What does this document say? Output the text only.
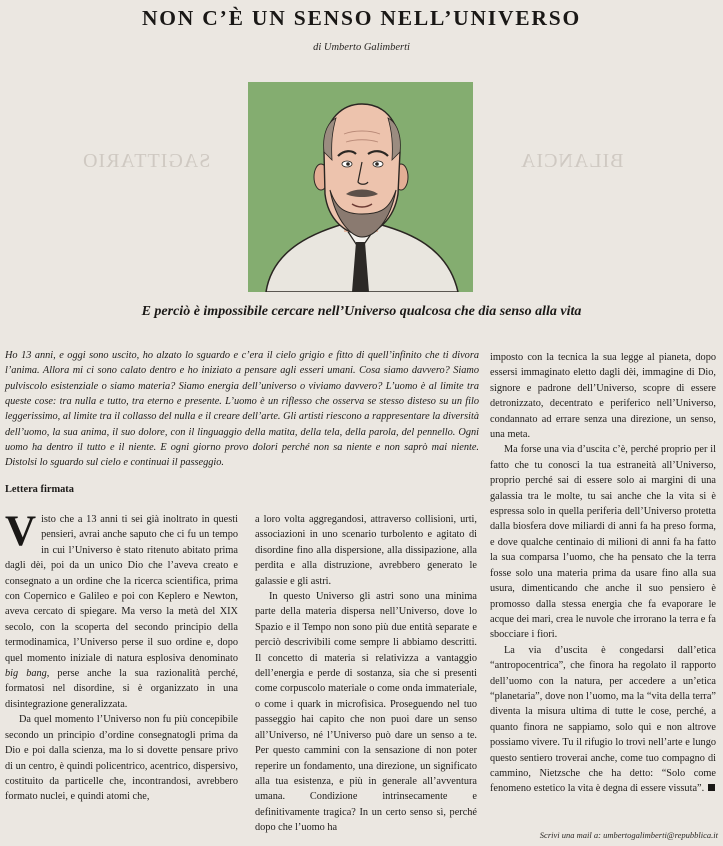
SAGITTARIO	BILANCIA
NON C’È UN SENSO NELL’UNIVERSO
di Umberto Galimberti
E perciò è impossibile cercare nell’Universo qualcosa che dia senso alla vita

Ho 13 anni, e oggi sono uscito, ho alzato lo sguardo e c’era il cielo grigio e fitto di quell’infinito che ti divora l’anima. Allora mi ci sono calato dentro e ho iniziato a pensare agli esseri umani. Cosa siamo davvero? Siamo pulviscolo esistenziale o siamo materia? Siamo energia dell’universo o viviamo davvero? L’uomo è al limite tra queste cose: tra nulla e tutto, tra eterno e presente. L’uomo è un riflesso che osserva se stesso disteso su un filo leggerissimo, al limite tra il collasso del nulla e il creare dell’arte. Gli artisti riescono a rappresentare la diversità dell’uomo, la sua anima, il suo dolore, con il linguaggio della matita, della tela, della parola, del pennello. Ogni uomo ha dentro il tutto e il niente. E ogni giorno provo dolori perché non sa niente e non saprò mai niente. Distolsi lo sguardo sul cielo e continuai il passeggio.

Lettera firmata

Visto che a 13 anni ti sei già inoltrato in questi pensieri, avrai anche saputo che ci fu un tempo in cui l’Universo è stato ritenuto abitato prima dagli dèi, poi da un unico Dio che l’aveva creato e consegnato a un ordine che la ricerca scientifica, prima con Copernico e Galileo e poi con Keplero e Newton, aveva cercato di spiegare. Ma verso la metà del XIX secolo, con la scoperta del secondo principio della termodinamica, l’Universo perse il suo ordine e, dopo quel momento iniziale di natura esplosiva denominato big bang, perse anche la sua razionalità perché, formatosi nel disordine, si è organizzato in una disintegrazione generalizzata.

Da quel momento l’Universo non fu più concepibile secondo un principio d’ordine consegnatogli prima da Dio e poi dalla scienza, ma lo si dovette pensare privo di un centro, è quindi policentrico, acentrico, dispersivo, costituito da particelle che, incontrandosi, avrebbero formato nuclei, e quindi atomi che,

a loro volta aggregandosi, attraverso collisioni, urti, associazioni in uno scenario turbolento e agitato di disordine fino alla dispersione, alla dissipazione, alla perdita e alla distruzione, avrebbero generato le galassie e gli astri.

In questo Universo gli astri sono una minima parte della materia dispersa nell’Universo, dove lo Spazio e il Tempo non sono più due entità separate e perciò descrivibili come sempre li abbiamo descritti. Il concetto di materia si relativizza a vantaggio dell’energia e perde di sostanza, sia che si presenti come corpuscolo materiale o come onda immateriale, o come i quark in microfisica. Proseguendo nel tuo passeggio hai capito che non puoi dare un senso all’Universo, né l’Universo può dare un senso a te. Per questo cammini con la sensazione di non poter reperire un fondamento, una direzione, un significato alla tua esistenza, e più in generale all’avventura umana. Condizione intrinsecamente e definitivamente tragica? In un certo senso sì, perché dopo che l’uomo ha

imposto con la tecnica la sua legge al pianeta, dopo essersi immaginato eletto dagli dèi, immagine di Dio, signore e padrone dell’Universo, scopre di essere detronizzato, decentrato e periferico nell’Universo, condannato ad errare senza una direzione, un senso, una meta.

Ma forse una via d’uscita c’è, perché proprio per il fatto che tu conosci la tua estraneità all’Universo, proprio perché sai di essere solo ai margini di una galassia tra le molte, tu sai anche che la vita si è espressa solo in quella periferia dell’Universo protetta dalla biosfera dove miliardi di anni fa ha preso forma, e dove qualche centinaio di milioni di anni fa ha fatto la sua comparsa l’uomo, che ha pensato che la terra fosse solo una materia prima da usare fino alla sua usura, dimenticando che anche il suo pensiero è promosso dalla stessa energia che fa evaporare le acque dei mari, crea le nuvole che irrorano la terra e fa sbocciare i fiori.

La via d’uscita è congedarsi dall’etica “antropocentrica”, che finora ha regolato il rapporto dell’uomo con la natura, per accedere a un’etica “planetaria”, dove non l’uomo, ma la “vita della terra” diventa la misura ultima di tutte le cose, perché, a quanto finora ne sappiamo, solo qui e non altrove possiamo vivere. Tu il rifugio lo trovi nell’arte e lungo questo sentiero troverai anche, come tuo compagno di cammino, Nietzsche che ha detto: “Solo come fenomeno estetico la vita è degna di essere vissuta”.

Scrivi una mail a: umbertogalimberti@repubblica.it
